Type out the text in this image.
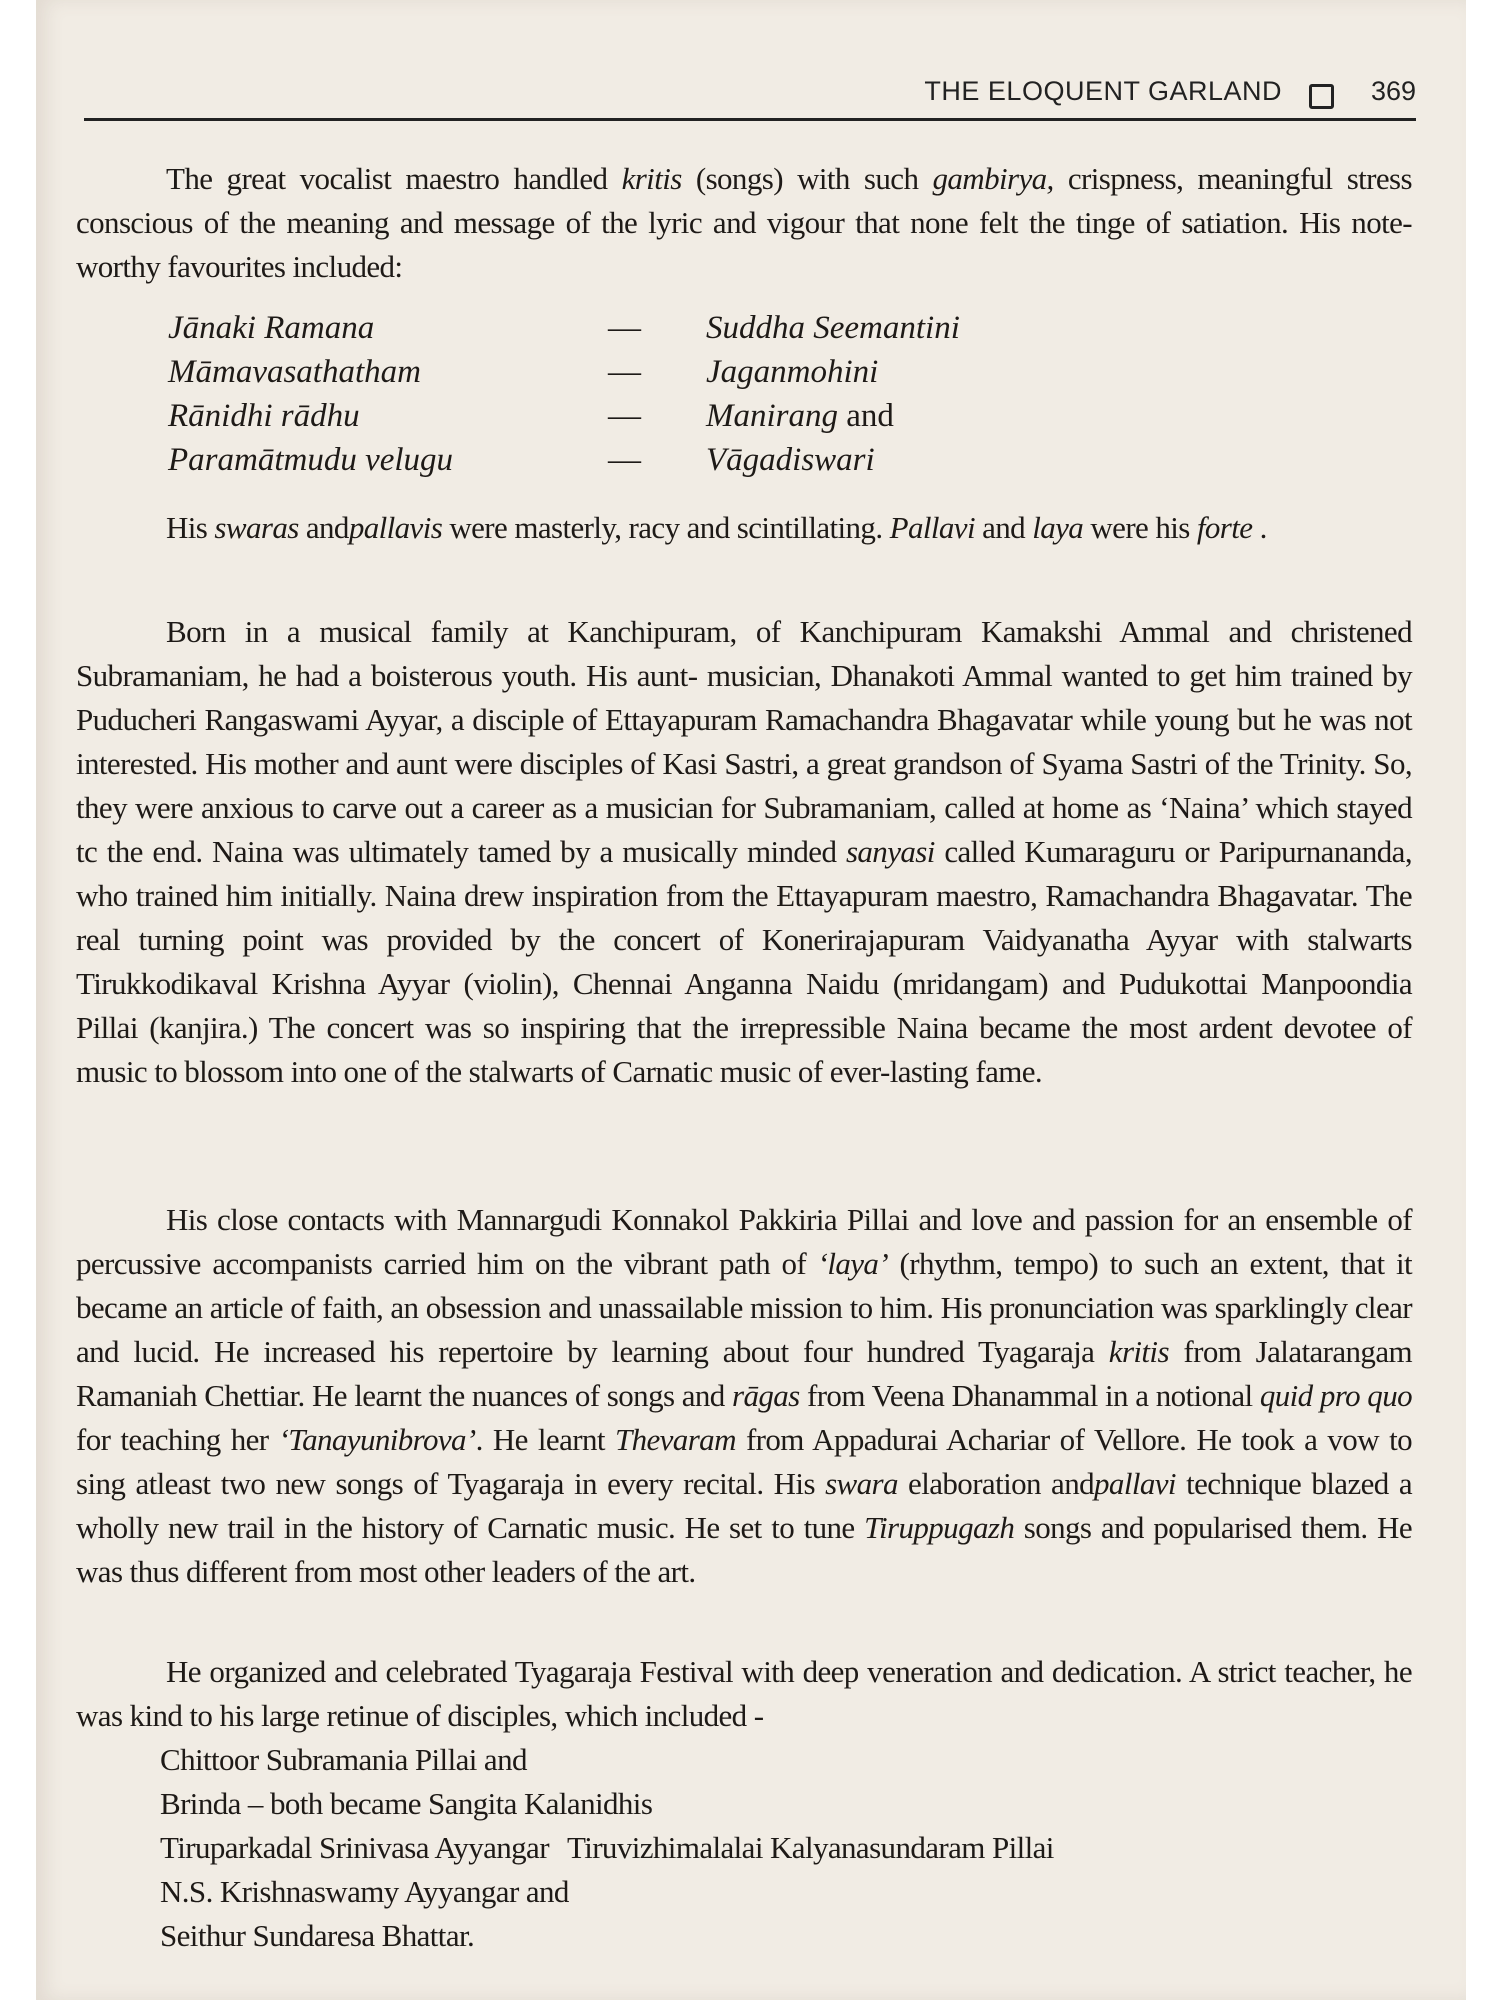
THE ELOQUENT GARLAND	369

The great vocalist maestro handled kritis (songs) with such gambirya, crispness, meaningful stress conscious of the meaning and message of the lyric and vigour that none felt the tinge of satiation. His note-worthy favourites included:

Jānaki Ramana	— Suddha Seemantini
Māmavasathatham	— Jaganmohini
Rānidhi rādhu	— Manirang and
Paramātmudu velugu	— Vāgadiswari

His swaras andpallavis were masterly, racy and scintillating. Pallavi and laya were his forte .

Born in a musical family at Kanchipuram, of Kanchipuram Kamakshi Ammal and christened Subramaniam, he had a boisterous youth. His aunt- musician, Dhanakoti Ammal wanted to get him trained by Puducheri Rangaswami Ayyar, a disciple of Ettayapuram Ramachandra Bhagavatar while young but he was not interested. His mother and aunt were disciples of Kasi Sastri, a great grandson of Syama Sastri of the Trinity. So, they were anxious to carve out a career as a musician for Subramaniam, called at home as ‘Naina’ which stayed tc the end. Naina was ultimately tamed by a musically minded sanyasi called Kumaraguru or Paripurnananda, who trained him initially. Naina drew inspiration from the Ettayapuram maestro, Ramachandra Bhagavatar. The real turning point was provided by the concert of Konerirajapuram Vaidyanatha Ayyar with stalwarts Tirukkodikaval Krishna Ayyar (violin), Chennai Anganna Naidu (mridangam) and Pudukottai Manpoondia Pillai (kanjira.) The concert was so inspiring that the irrepressible Naina became the most ardent devotee of music to blossom into one of the stalwarts of Carnatic music of ever-lasting fame.

His close contacts with Mannargudi Konnakol Pakkiria Pillai and love and passion for an ensemble of percussive accompanists carried him on the vibrant path of ‘laya’ (rhythm, tempo) to such an extent, that it became an article of faith, an obsession and unassailable mission to him. His pronunciation was sparklingly clear and lucid. He increased his repertoire by learning about four hundred Tyagaraja kritis from Jalatarangam Ramaniah Chettiar. He learnt the nuances of songs and rāgas from Veena Dhanammal in a notional quid pro quo for teaching her ‘Tanayunibrova’. He learnt Thevaram from Appadurai Achariar of Vellore. He took a vow to sing atleast two new songs of Tyagaraja in every recital. His swara elaboration andpallavi technique blazed a wholly new trail in the history of Carnatic music. He set to tune Tiruppugazh songs and popularised them. He was thus different from most other leaders of the art.

He organized and celebrated Tyagaraja Festival with deep veneration and dedication. A strict teacher, he was kind to his large retinue of disciples, which included -

Chittoor Subramania Pillai and
Brinda – both became Sangita Kalanidhis
Tiruparkadal Srinivasa Ayyangar Tiruvizhimalalai Kalyanasundaram Pillai
N.S. Krishnaswamy Ayyangar and
Seithur Sundaresa Bhattar.
